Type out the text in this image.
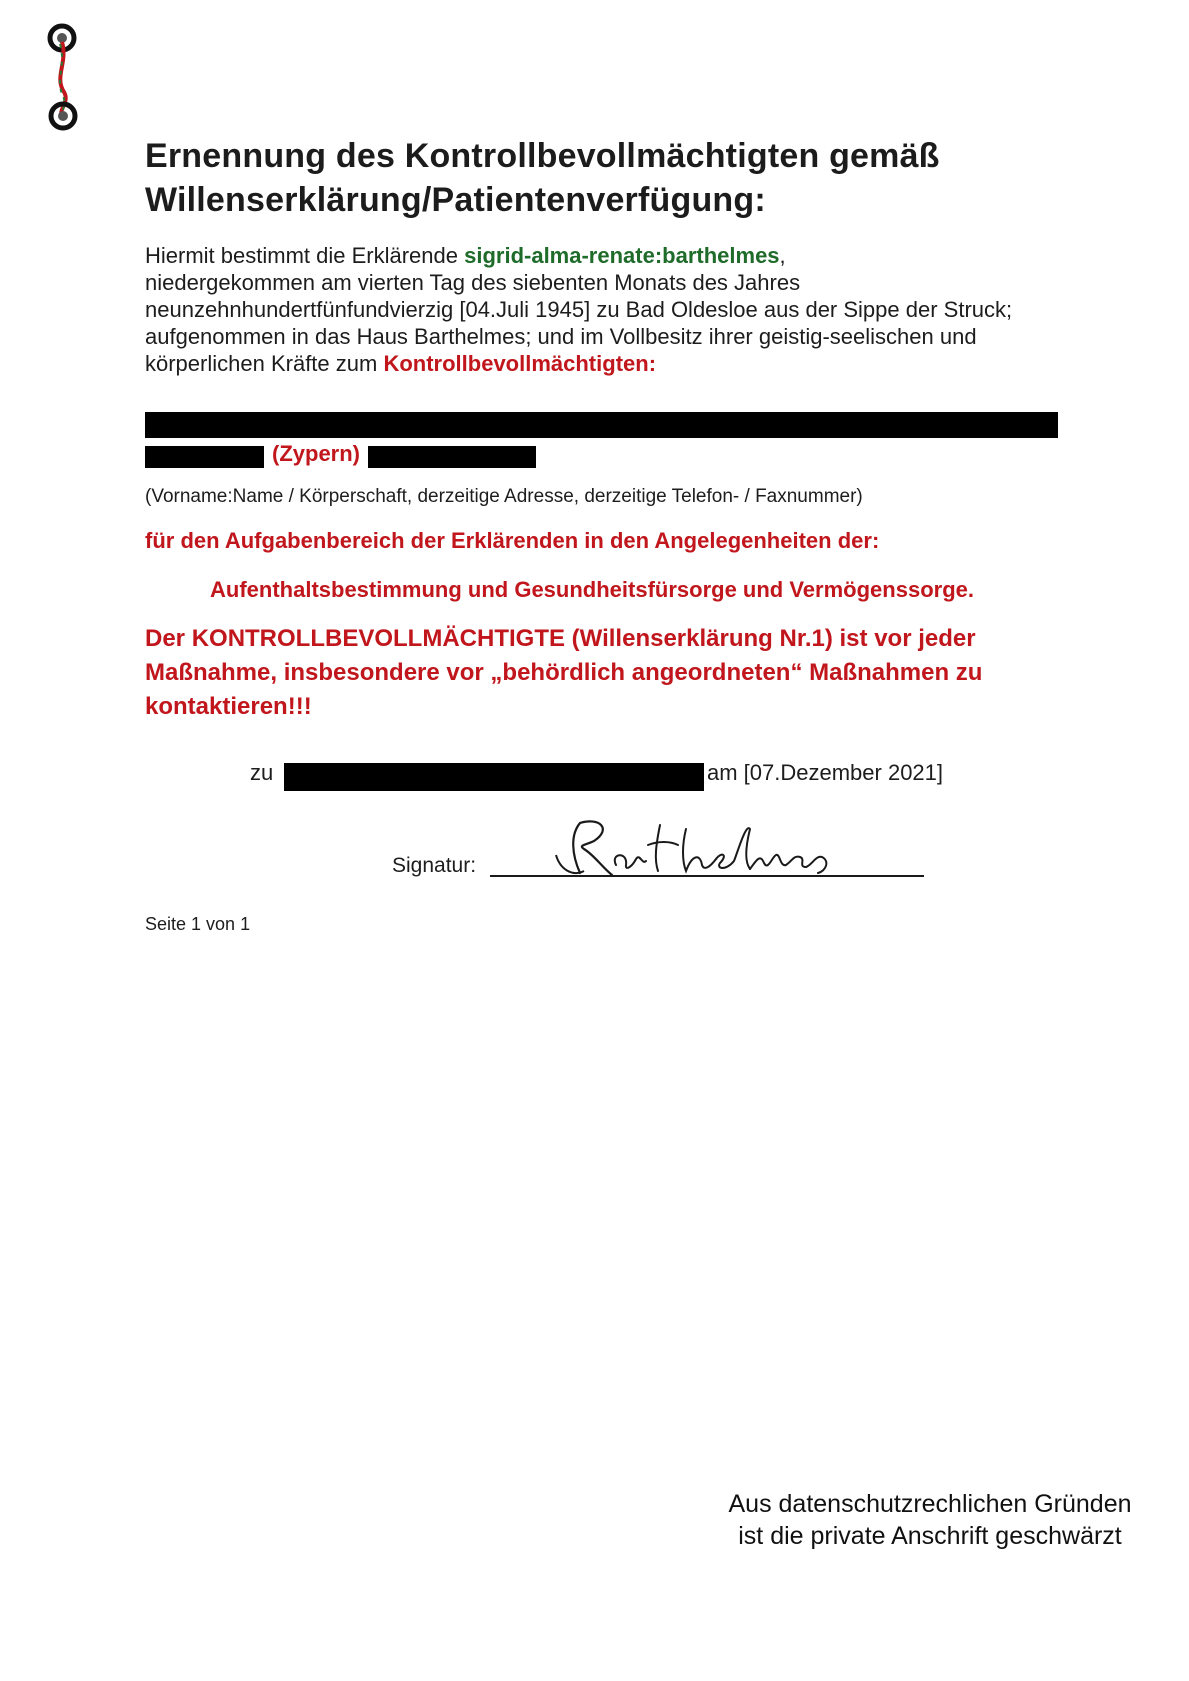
Ernennung des Kontrollbevollmächtigten gemäß
Willenserklärung/Patientenverfügung:
Hiermit bestimmt die Erklärende sigrid-alma-renate:barthelmes,
niedergekommen am vierten Tag des siebenten Monats des Jahres
neunzehnhundertfünfundvierzig [04.Juli 1945] zu Bad Oldesloe aus der Sippe der Struck;
aufgenommen in das Haus Barthelmes; und im Vollbesitz ihrer geistig-seelischen und
körperlichen Kräfte zum Kontrollbevollmächtigten:
(Zypern)
(Vorname:Name / Körperschaft, derzeitige Adresse, derzeitige Telefon- / Faxnummer)
für den Aufgabenbereich der Erklärenden in den Angelegenheiten der:
Aufenthaltsbestimmung und Gesundheitsfürsorge und Vermögenssorge.
Der KONTROLLBEVOLLMÄCHTIGTE (Willenserklärung Nr.1) ist vor jeder Maßnahme, insbesondere vor „behördlich angeordneten“ Maßnahmen zu kontaktieren!!!
zu	am [07.Dezember 2021]
Signatur:
Seite 1 von 1
Aus datenschutzrechlichen Gründen
ist die private Anschrift geschwärzt
